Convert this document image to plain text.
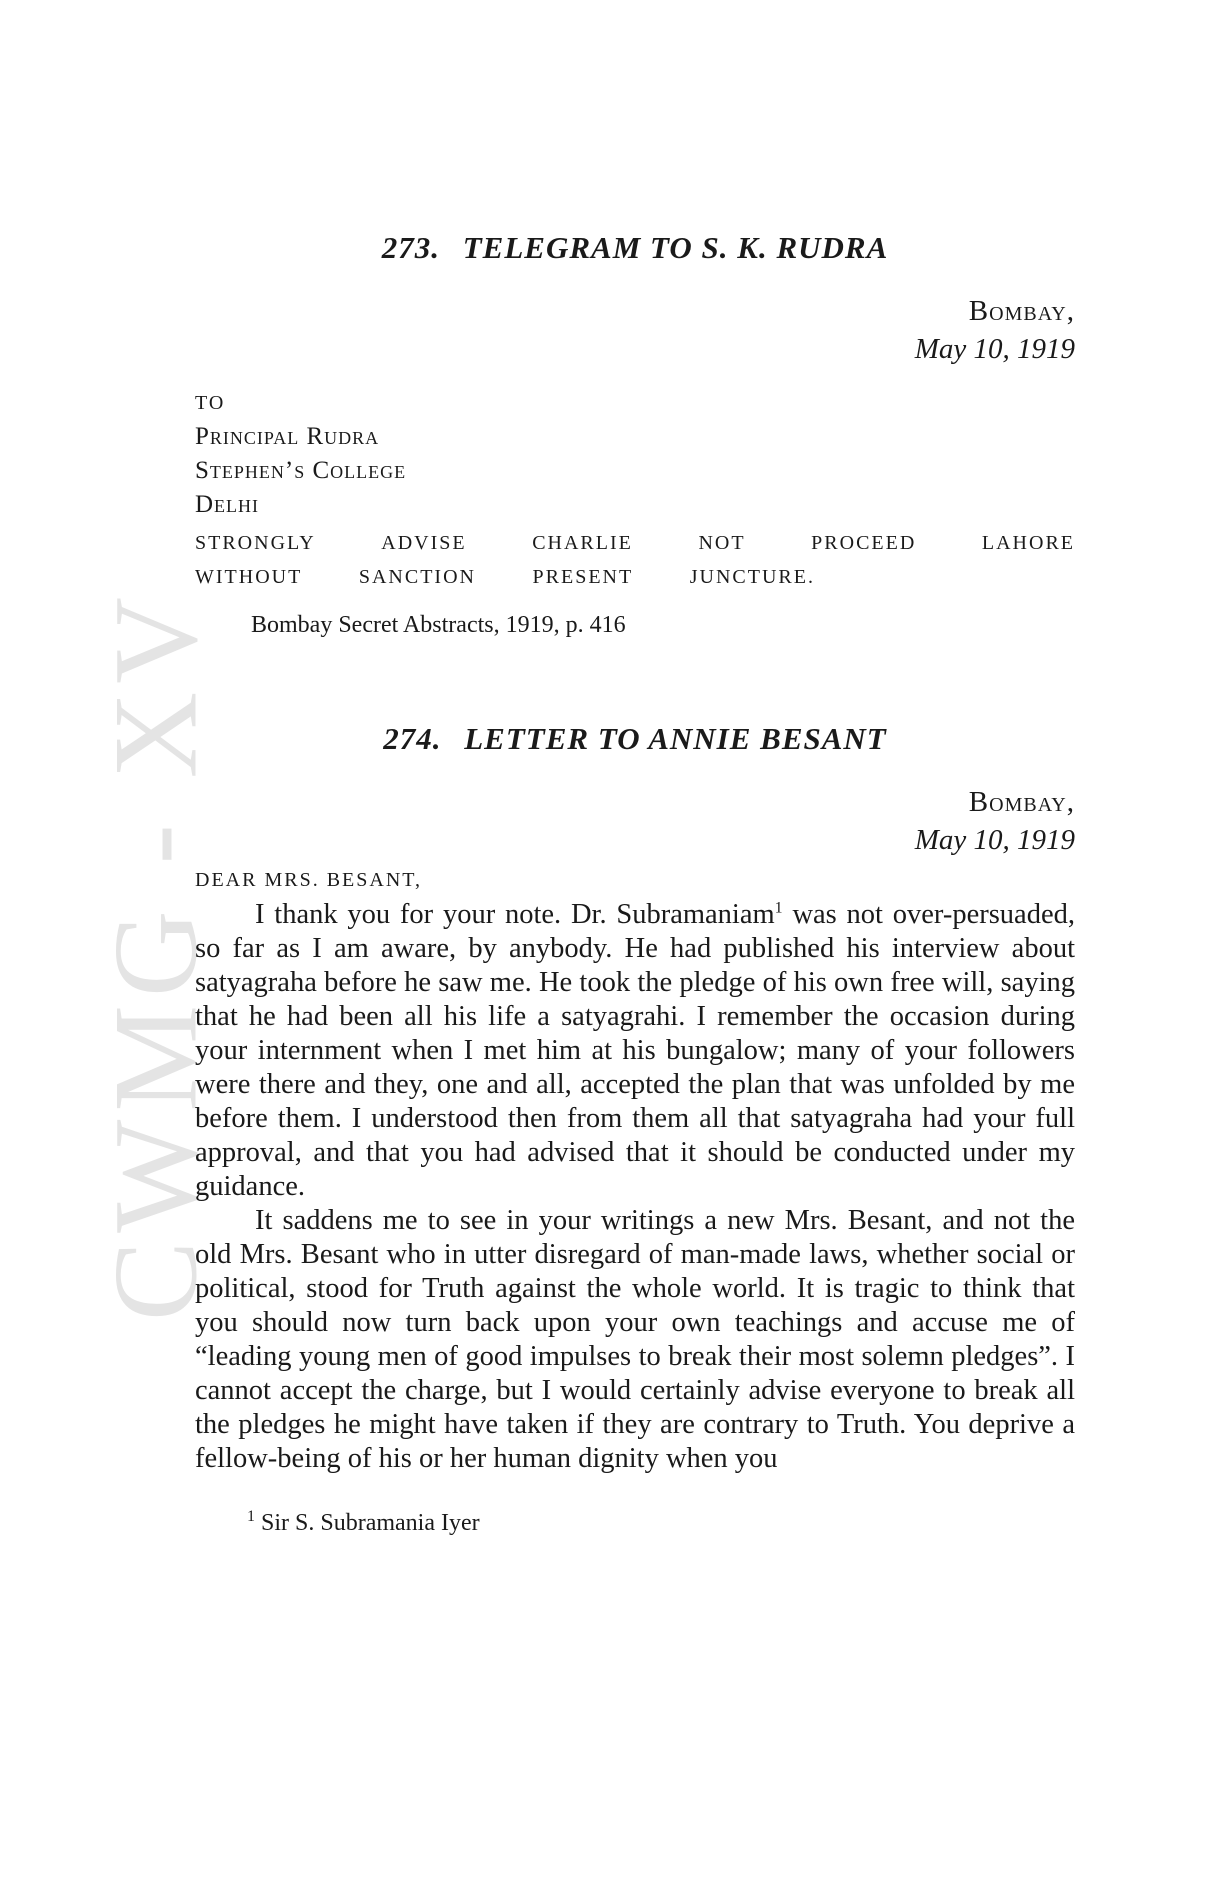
CWMG - XV
273. TELEGRAM TO S. K. RUDRA
Bombay,
May 10, 1919
TO
Principal Rudra
Stephen’s College
Delhi
STRONGLY	ADVISE	CHARLIE	NOT	PROCEED	LAHORE
WITHOUT	SANCTION	PRESENT	JUNCTURE.
Bombay Secret Abstracts, 1919, p. 416
274. LETTER TO ANNIE BESANT
Bombay,
May 10, 1919
DEAR MRS. BESANT,

I thank you for your note. Dr. Subramaniam$^1$ was not over-persuaded, so far as I am aware, by anybody. He had published his interview about satyagraha before he saw me. He took the pledge of his own free will, saying that he had been all his life a satyagrahi. I remember the occasion during your internment when I met him at his bungalow; many of your followers were there and they, one and all, accepted the plan that was unfolded by me before them. I understood then from them all that satyagraha had your full approval, and that you had advised that it should be conducted under my guidance.

It saddens me to see in your writings a new Mrs. Besant, and not the old Mrs. Besant who in utter disregard of man-made laws, whether social or political, stood for Truth against the whole world. It is tragic to think that you should now turn back upon your own teachings and accuse me of “leading young men of good impulses to break their most solemn pledges”. I cannot accept the charge, but I would certainly advise everyone to break all the pledges he might have taken if they are contrary to Truth. You deprive a fellow-being of his or her human dignity when you

$^1$ Sir S. Subramania Iyer
